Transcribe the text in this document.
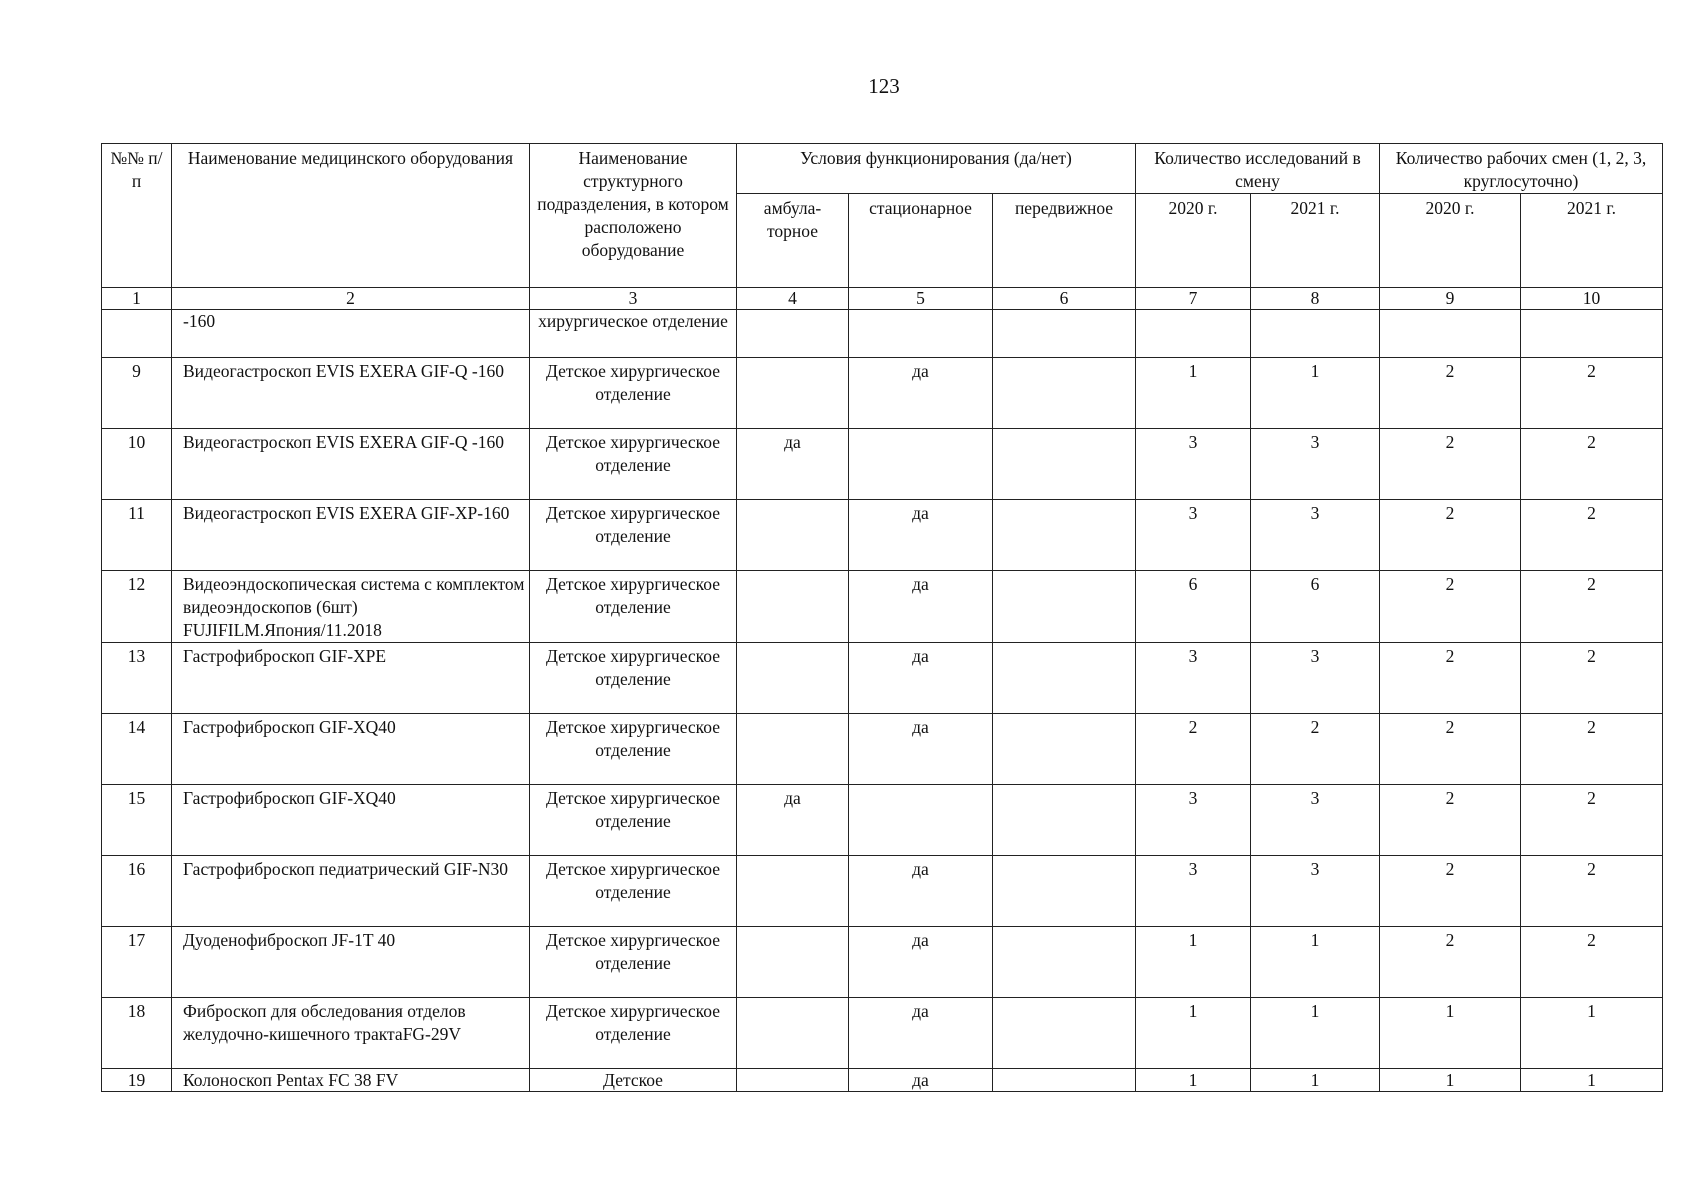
123
№№ п/п	Наименование медицинского оборудования	Наименование структурного подразделения, в котором расположено оборудование	Условия функционирования (да/нет)			Количество исследований в смену		Количество рабочих смен (1, 2, 3, круглосуточно)	
			амбула-торное	стационарное	передвижное	2020 г.	2021 г.	2020 г.	2021 г.
1	2	3	4	5	6	7	8	9	10
	-160	хирургическое отделение							
9	Видеогастроскоп EVIS EXERA GIF-Q -160	Детское хирургическое отделение		да		1	1	2	2
10	Видеогастроскоп EVIS EXERA GIF-Q -160	Детское хирургическое отделение	да			3	3	2	2
11	Видеогастроскоп EVIS EXERA GIF-XP-160	Детское хирургическое отделение		да		3	3	2	2
12	Видеоэндоскопическая система с комплектом видеоэндоскопов (6шт) FUJIFILM.Япония/11.2018	Детское хирургическое отделение		да		6	6	2	2
13	Гастрофиброскоп GIF-XPE	Детское хирургическое отделение		да		3	3	2	2
14	Гастрофиброскоп GIF-XQ40	Детское хирургическое отделение		да		2	2	2	2
15	Гастрофиброскоп GIF-XQ40	Детское хирургическое отделение	да			3	3	2	2
16	Гастрофиброскоп педиатрический GIF-N30	Детское хирургическое отделение		да		3	3	2	2
17	Дуоденофиброскоп JF-1T 40	Детское хирургическое отделение		да		1	1	2	2
18	Фиброскоп для обследования отделов желудочно-кишечного трактаFG-29V	Детское хирургическое отделение		да		1	1	1	1
19	Колоноскоп Pentax FC 38 FV	Детское		да		1	1	1	1
